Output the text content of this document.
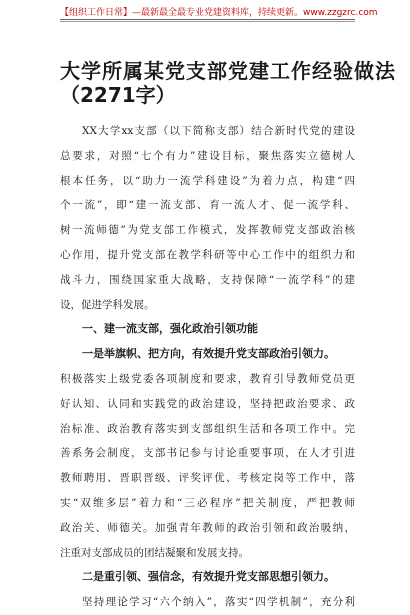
【组织工作日常】—最新最全最专业党建资料库，持续更新。www.zzgzrc.com
大学所属某党支部党建工作经验做法
（2271字）
XX大学xx支部（以下简称支部）结合新时代党的建设
总要求，对照“七个有力”建设目标，聚焦落实立德树人
根本任务，以“助力一流学科建设”为着力点，构建“四
个一流”，即“建一流支部、育一流人才、促一流学科、
树一流师德”为党支部工作模式，发挥教师党支部政治核
心作用，提升党支部在教学科研等中心工作中的组织力和
战斗力，围绕国家重大战略，支持保障“一流学科”的建
设，促进学科发展。
一、建一流支部，强化政治引领功能
一是举旗帜、把方向，有效提升党支部政治引领力。
积极落实上级党委各项制度和要求，教育引导教师党员更
好认知、认同和实践党的政治建设，坚持把政治要求、政
治标准、政治教育落实到支部组织生活和各项工作中。完
善系务会制度，支部书记参与讨论重要事项，在人才引进
教师聘用、晋职晋级、评奖评优、考核定岗等工作中，落
实“双维多层”着力和“三必程序”把关制度，严把教师
政治关、师德关。加强青年教师的政治引领和政治吸纳，
注重对支部成员的团结凝聚和发展支持。
二是重引领、强信念，有效提升党支部思想引领力。
坚持理论学习“六个纳入”，落实“四学机制”，充分利
